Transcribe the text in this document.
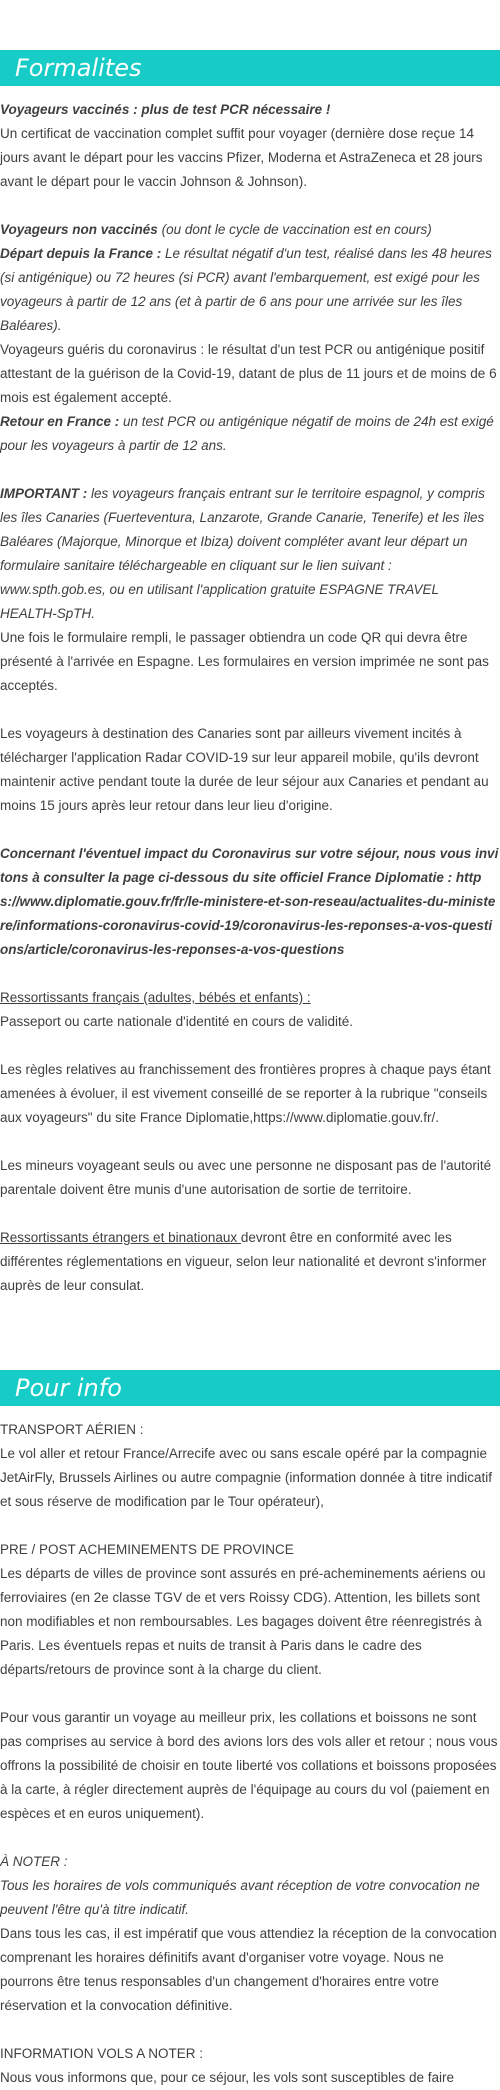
Formalites

Voyageurs vaccinés : plus de test PCR nécessaire !
Un certificat de vaccination complet suffit pour voyager (dernière dose reçue 14 jours avant le départ pour les vaccins Pfizer, Moderna et AstraZeneca et 28 jours avant le départ pour le vaccin Johnson & Johnson).

Voyageurs non vaccinés (ou dont le cycle de vaccination est en cours)
Départ depuis la France : Le résultat négatif d'un test, réalisé dans les 48 heures (si antigénique) ou 72 heures (si PCR) avant l'embarquement, est exigé pour les voyageurs à partir de 12 ans (et à partir de 6 ans pour une arrivée sur les îles Baléares).
Voyageurs guéris du coronavirus : le résultat d'un test PCR ou antigénique positif attestant de la guérison de la Covid-19, datant de plus de 11 jours et de moins de 6 mois est également accepté.
Retour en France : un test PCR ou antigénique négatif de moins de 24h est exigé pour les voyageurs à partir de 12 ans.

IMPORTANT : les voyageurs français entrant sur le territoire espagnol, y compris les îles Canaries (Fuerteventura, Lanzarote, Grande Canarie, Tenerife) et les îles Baléares (Majorque, Minorque et Ibiza) doivent compléter avant leur départ un formulaire sanitaire téléchargeable en cliquant sur le lien suivant : www.spth.gob.es, ou en utilisant l'application gratuite ESPAGNE TRAVEL HEALTH-SpTH.
Une fois le formulaire rempli, le passager obtiendra un code QR qui devra être présenté à l'arrivée en Espagne. Les formulaires en version imprimée ne sont pas acceptés.

Les voyageurs à destination des Canaries sont par ailleurs vivement incités à télécharger l'application Radar COVID-19 sur leur appareil mobile, qu'ils devront maintenir active pendant toute la durée de leur séjour aux Canaries et pendant au moins 15 jours après leur retour dans leur lieu d'origine.

Concernant l'éventuel impact du Coronavirus sur votre séjour, nous vous invitons à consulter la page ci-dessous du site officiel France Diplomatie : https://www.diplomatie.gouv.fr/fr/le-ministere-et-son-reseau/actualites-du-ministere/informations-coronavirus-covid-19/coronavirus-les-reponses-a-vos-questions/article/coronavirus-les-reponses-a-vos-questions

Ressortissants français (adultes, bébés et enfants) :
Passeport ou carte nationale d'identité en cours de validité.

Les règles relatives au franchissement des frontières propres à chaque pays étant amenées à évoluer, il est vivement conseillé de se reporter à la rubrique "conseils aux voyageurs" du site France Diplomatie,https://www.diplomatie.gouv.fr/.

Les mineurs voyageant seuls ou avec une personne ne disposant pas de l'autorité parentale doivent être munis d'une autorisation de sortie de territoire.

Ressortissants étrangers et binationaux devront être en conformité avec les différentes réglementations en vigueur, selon leur nationalité et devront s'informer auprès de leur consulat.

Pour info

TRANSPORT AÉRIEN :
Le vol aller et retour France/Arrecife avec ou sans escale opéré par la compagnie JetAirFly, Brussels Airlines ou autre compagnie (information donnée à titre indicatif et sous réserve de modification par le Tour opérateur),

PRE / POST ACHEMINEMENTS DE PROVINCE
Les départs de villes de province sont assurés en pré-acheminements aériens ou ferroviaires (en 2e classe TGV de et vers Roissy CDG). Attention, les billets sont non modifiables et non remboursables. Les bagages doivent être réenregistrés à Paris. Les éventuels repas et nuits de transit à Paris dans le cadre des départs/retours de province sont à la charge du client.

Pour vous garantir un voyage au meilleur prix, les collations et boissons ne sont pas comprises au service à bord des avions lors des vols aller et retour ; nous vous offrons la possibilité de choisir en toute liberté vos collations et boissons proposées à la carte, à régler directement auprès de l'équipage au cours du vol (paiement en espèces et en euros uniquement).

À NOTER :
Tous les horaires de vols communiqués avant réception de votre convocation ne peuvent l'être qu'à titre indicatif.
Dans tous les cas, il est impératif que vous attendiez la réception de la convocation comprenant les horaires définitifs avant d'organiser votre voyage. Nous ne pourrons être tenus responsables d'un changement d'horaires entre votre réservation et la convocation définitive.

INFORMATION VOLS A NOTER :
Nous vous informons que, pour ce séjour, les vols sont susceptibles de faire
